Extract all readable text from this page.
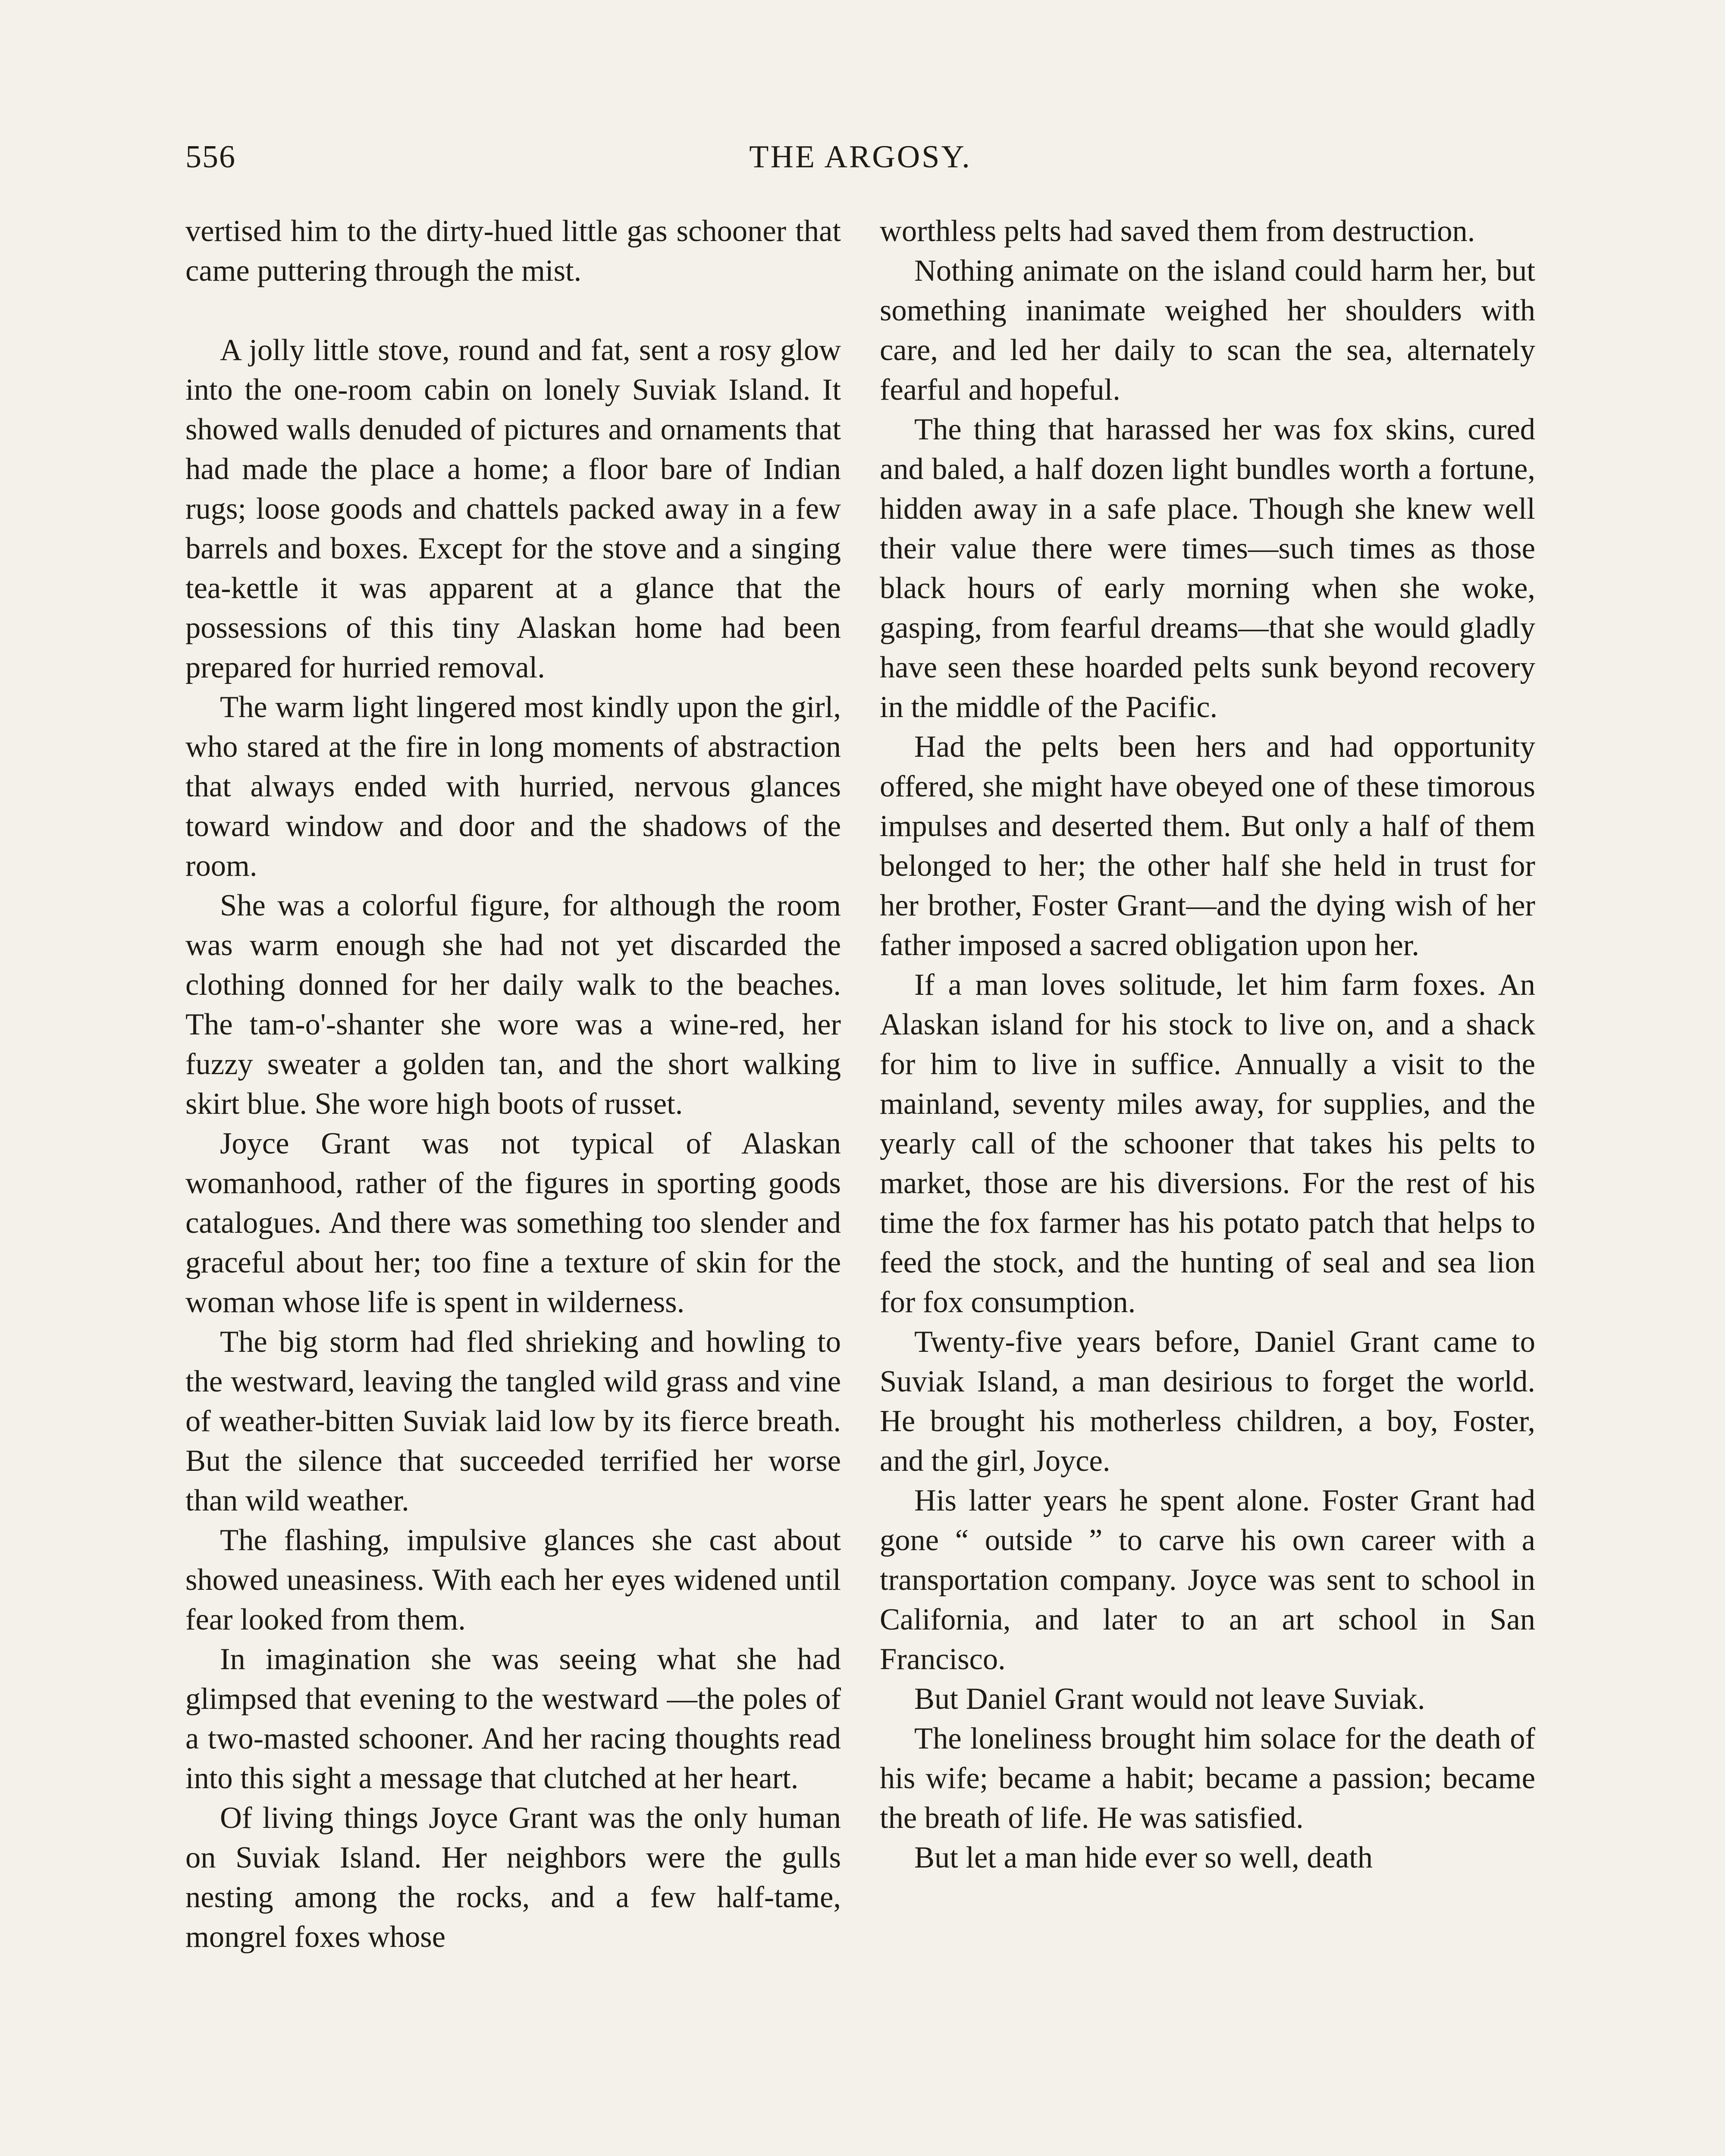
556	THE ARGOSY.

vertised him to the dirty-hued little gas schooner that came puttering through the mist.

A jolly little stove, round and fat, sent a rosy glow into the one-room cabin on lonely Suviak Island. It showed walls denuded of pictures and ornaments that had made the place a home; a floor bare of Indian rugs; loose goods and chattels packed away in a few barrels and boxes. Except for the stove and a singing tea-kettle it was apparent at a glance that the possessions of this tiny Alaskan home had been prepared for hurried removal.

The warm light lingered most kindly upon the girl, who stared at the fire in long moments of abstraction that always ended with hurried, nervous glances toward window and door and the shadows of the room.

She was a colorful figure, for although the room was warm enough she had not yet discarded the clothing donned for her daily walk to the beaches. The tam-o'-shanter she wore was a wine-red, her fuzzy sweater a golden tan, and the short walking skirt blue. She wore high boots of russet.

Joyce Grant was not typical of Alaskan womanhood, rather of the figures in sporting goods catalogues. And there was something too slender and graceful about her; too fine a texture of skin for the woman whose life is spent in wilderness.

The big storm had fled shrieking and howling to the westward, leaving the tangled wild grass and vine of weather-bitten Suviak laid low by its fierce breath. But the silence that succeeded terrified her worse than wild weather.

The flashing, impulsive glances she cast about showed uneasiness. With each her eyes widened until fear looked from them.

In imagination she was seeing what she had glimpsed that evening to the westward —the poles of a two-masted schooner. And her racing thoughts read into this sight a message that clutched at her heart.

Of living things Joyce Grant was the only human on Suviak Island. Her neighbors were the gulls nesting among the rocks, and a few half-tame, mongrel foxes whose

worthless pelts had saved them from destruction.

Nothing animate on the island could harm her, but something inanimate weighed her shoulders with care, and led her daily to scan the sea, alternately fearful and hopeful.

The thing that harassed her was fox skins, cured and baled, a half dozen light bundles worth a fortune, hidden away in a safe place. Though she knew well their value there were times—such times as those black hours of early morning when she woke, gasping, from fearful dreams—that she would gladly have seen these hoarded pelts sunk beyond recovery in the middle of the Pacific.

Had the pelts been hers and had opportunity offered, she might have obeyed one of these timorous impulses and deserted them. But only a half of them belonged to her; the other half she held in trust for her brother, Foster Grant—and the dying wish of her father imposed a sacred obligation upon her.

If a man loves solitude, let him farm foxes. An Alaskan island for his stock to live on, and a shack for him to live in suffice. Annually a visit to the mainland, seventy miles away, for supplies, and the yearly call of the schooner that takes his pelts to market, those are his diversions. For the rest of his time the fox farmer has his potato patch that helps to feed the stock, and the hunting of seal and sea lion for fox consumption.

Twenty-five years before, Daniel Grant came to Suviak Island, a man desirious to forget the world. He brought his motherless children, a boy, Foster, and the girl, Joyce.

His latter years he spent alone. Foster Grant had gone “ outside ” to carve his own career with a transportation company. Joyce was sent to school in California, and later to an art school in San Francisco.

But Daniel Grant would not leave Suviak.

The loneliness brought him solace for the death of his wife; became a habit; became a passion; became the breath of life. He was satisfied.

But let a man hide ever so well, death
